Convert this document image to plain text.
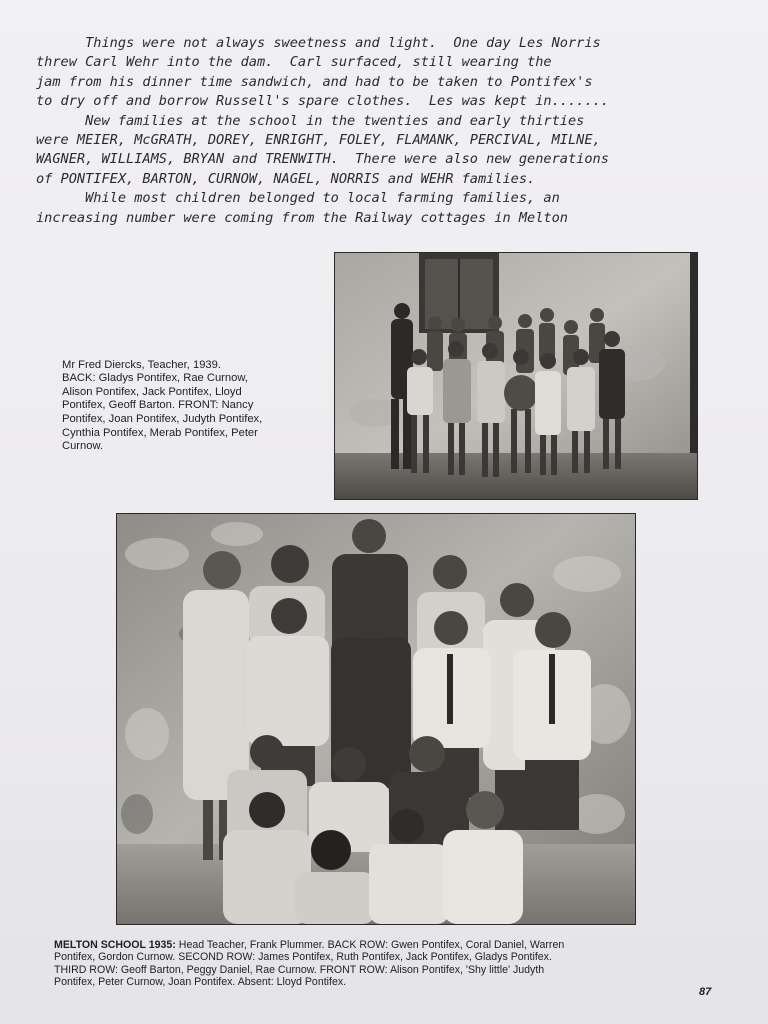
Things were not always sweetness and light.  One day Les Norris
threw Carl Wehr into the dam.  Carl surfaced, still wearing the
jam from his dinner time sandwich, and had to be taken to Pontifex's
to dry off and borrow Russell's spare clothes.  Les was kept in.......

New families at the school in the twenties and early thirties
were MEIER, McGRATH, DOREY, ENRIGHT, FOLEY, FLAMANK, PERCIVAL, MILNE,
WAGNER, WILLIAMS, BRYAN and TRENWITH.  There were also new generations
of PONTIFEX, BARTON, CURNOW, NAGEL, NORRIS and WEHR families.

While most children belonged to local farming families, an
increasing number were coming from the Railway cottages in Melton

Mr Fred Diercks, Teacher, 1939.
BACK: Gladys Pontifex, Rae Curnow,
Alison Pontifex, Jack Pontifex, Lloyd
Pontifex, Geoff Barton. FRONT: Nancy
Pontifex, Joan Pontifex, Judyth Pontifex,
Cynthia Pontifex, Merab Pontifex, Peter
Curnow.

MELTON SCHOOL 1935: Head Teacher, Frank Plummer. BACK ROW: Gwen Pontifex, Coral Daniel, Warren
Pontifex, Gordon Curnow. SECOND ROW: James Pontifex, Ruth Pontifex, Jack Pontifex, Gladys Pontifex.
THIRD ROW: Geoff Barton, Peggy Daniel, Rae Curnow. FRONT ROW: Alison Pontifex, 'Shy little' Judyth
Pontifex, Peter Curnow, Joan Pontifex. Absent: Lloyd Pontifex.

87
